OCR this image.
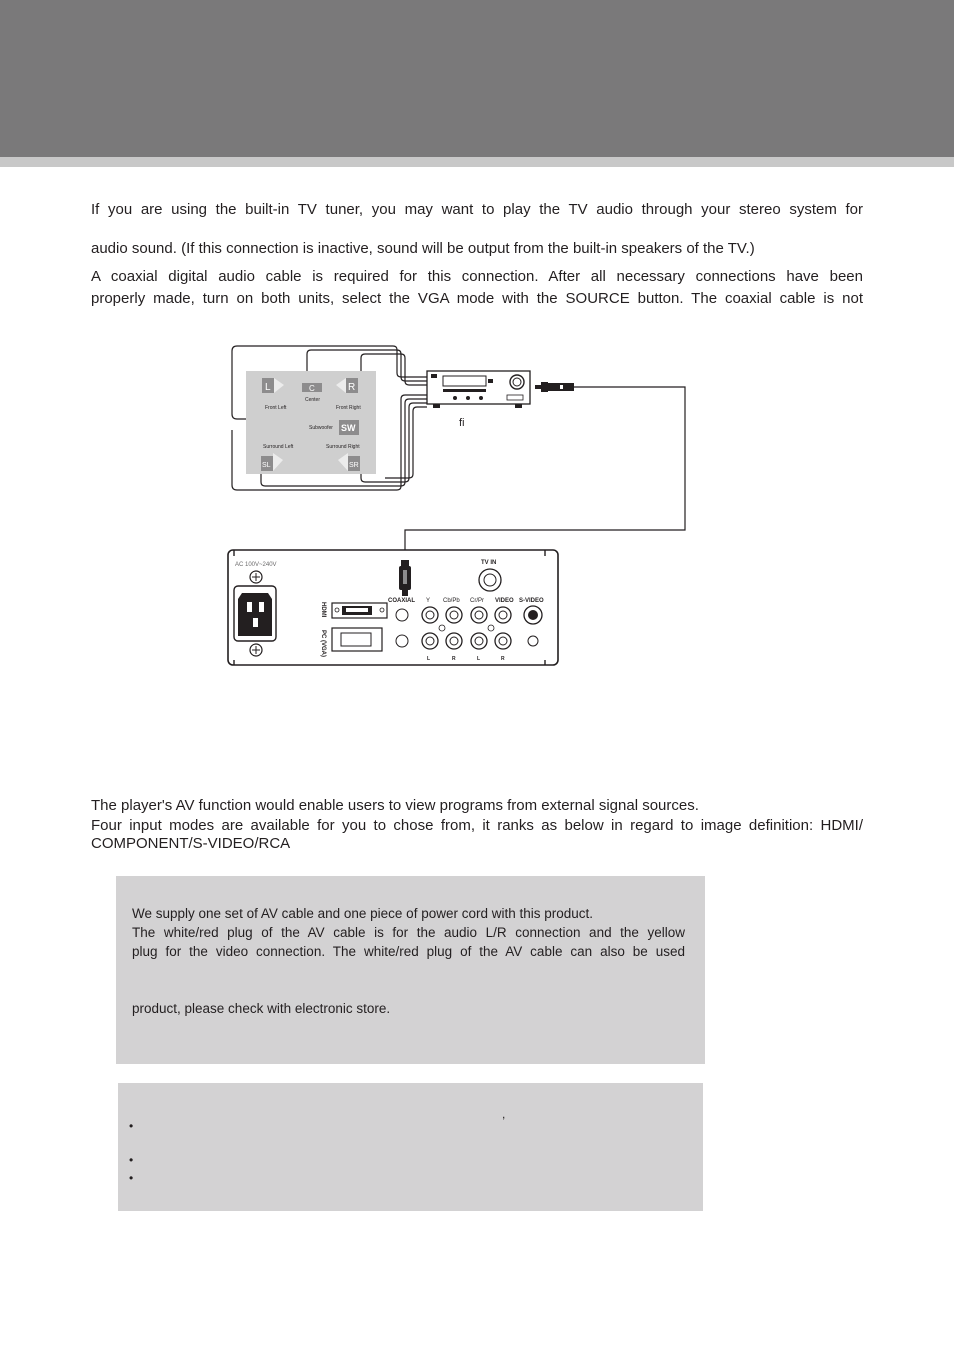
If you are using the built-in TV tuner, you may want to play the TV audio through your stereo system for
audio sound. (If this connection is inactive, sound will be output from the built-in speakers of the TV.)
A coaxial digital audio cable is required for this connection. After all necessary connections have been
properly made, turn on both units, select the VGA mode with the SOURCE button. The coaxial cable is not
L
Front Left
C
Center
R
Front Right
Subwoofer SW
Surround Left	Surround Right
SL	SR
ﬁ
AC 100V~240V
HDMI
PC (VGA)
COAXIAL
TV IN
Y Cb/Pb Cr/Pr VIDEO S-VIDEO
L	R	L	R
The player's AV function would enable users to view programs from external signal sources.
Four input modes are available for you to chose from, it ranks as below in regard to image definition: HDMI/
COMPONENT/S-VIDEO/RCA
We supply one set of AV cable and one piece of power cord with this product.
The white/red plug of the AV cable is for the audio L/R connection and the yellow
plug for the video connection. The white/red plug of the AV cable can also be used
product, please check with electronic store.
,
•
•
•
